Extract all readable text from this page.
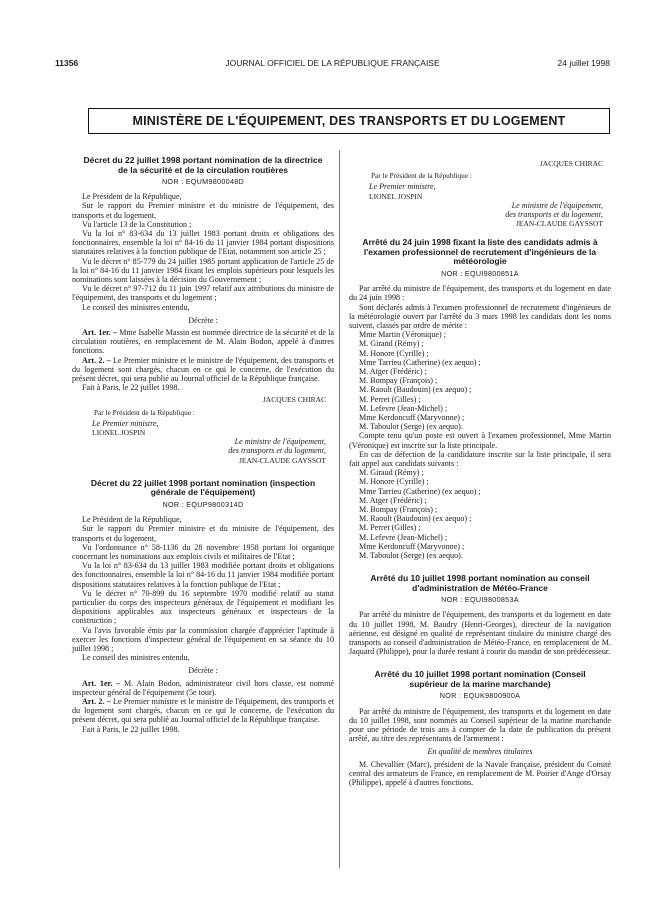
11356	JOURNAL OFFICIEL DE LA RÉPUBLIQUE FRANÇAISE	24 juillet 1998
MINISTÈRE DE L'ÉQUIPEMENT, DES TRANSPORTS ET DU LOGEMENT
Décret du 22 juillet 1998 portant nomination de la directrice de la sécurité et de la circulation routières
NOR : EQUM9800048D

Le Président de la République,

Sur le rapport du Premier ministre et du ministre de l'équipement, des transports et du logement,

Vu l'article 13 de la Constitution ;

Vu la loi n° 83-634 du 13 juillet 1983 portant droits et obligations des fonctionnaires, ensemble la loi n° 84-16 du 11 janvier 1984 portant dispositions statutaires relatives à la fonction publique de l'Etat, notamment son article 25 ;

Vu le décret n° 85-779 du 24 juillet 1985 portant application de l'article 25 de la loi n° 84-16 du 11 janvier 1984 fixant les emplois supérieurs pour lesquels les nominations sont laissées à la décision du Gouvernement ;

Vu le décret n° 97-712 du 11 juin 1997 relatif aux attributions du ministre de l'équipement, des transports et du logement ;

Le conseil des ministres entendu,

Décrète :

Art. 1er. – Mme Isabelle Massin est nommée directrice de la sécurité et de la circulation routières, en remplacement de M. Alain Bodon, appelé à d'autres fonctions.

Art. 2. – Le Premier ministre et le ministre de l'équipement, des transports et du logement sont chargés, chacun en ce qui le concerne, de l'exécution du présent décret, qui sera publié au Journal officiel de la République française.

Fait à Paris, le 22 juillet 1998.

JACQUES CHIRAC
Par le Président de la République :
Le Premier ministre,
LIONEL JOSPIN
Le ministre de l'équipement,
des transports et du logement,
JEAN-CLAUDE GAYSSOT
Décret du 22 juillet 1998 portant nomination (inspection générale de l'équipement)
NOR : EQUP9800314D

Le Président de la République,

Sur le rapport du Premier ministre et du ministre de l'équipement, des transports et du logement,

Vu l'ordonnance n° 58-1136 du 28 novembre 1958 portant loi organique concernant les nominations aux emplois civils et militaires de l'Etat ;

Vu la loi n° 83-634 du 13 juillet 1983 modifiée portant droits et obligations des fonctionnaires, ensemble la loi n° 84-16 du 11 janvier 1984 modifiée portant dispositions statutaires relatives à la fonction publique de l'Etat ;

Vu le décret n° 70-899 du 16 septembre 1970 modifié relatif au statut particulier du corps des inspecteurs généraux de l'équipement et modifiant les dispositions applicables aux inspecteurs généraux et inspecteurs de la construction ;

Vu l'avis favorable émis par la commission chargée d'apprécier l'aptitude à exercer les fonctions d'inspecteur général de l'équipement en sa séance du 10 juillet 1998 ;

Le conseil des ministres entendu,

Décrète :

Art. 1er. – M. Alain Bodon, administrateur civil hors classe, est nommé inspecteur général de l'équipement (5e tour).

Art. 2. – Le Premier ministre et le ministre de l'équipement, des transports et du logement sont chargés, chacun en ce qui le concerne, de l'exécution du présent décret, qui sera publié au Journal officiel de la République française.

Fait à Paris, le 22 juillet 1998.

JACQUES CHIRAC
Par le Président de la République :
Le Premier ministre,
LIONEL JOSPIN
Le ministre de l'équipement,
des transports et du logement,
JEAN-CLAUDE GAYSSOT
Arrêté du 24 juin 1998 fixant la liste des candidats admis à l'examen professionnel de recrutement d'ingénieurs de la météorologie
NOR : EQUI9800851A

Par arrêté du ministre de l'équipement, des transports et du logement en date du 24 juin 1998 :

Sont déclarés admis à l'examen professionnel de recrutement d'ingénieurs de la météorologie ouvert par l'arrêté du 3 mars 1998 les candidats dont les noms suivent, classés par ordre de mérite :

Mme Martin (Véronique) ;
M. Girand (Rémy) ;
M. Honore (Cyrille) ;
Mme Tarrieu (Catherine) (ex aequo) ;
M. Atger (Frédéric) ;
M. Bompay (François) ;
M. Raoult (Baudouin) (ex aequo) ;
M. Perret (Gilles) ;
M. Lefevre (Jean-Michel) ;
Mme Kerdoncuff (Maryvonne) ;
M. Taboulot (Serge) (ex aequo).

Compte tenu qu'un poste est ouvert à l'examen professionnel, Mme Martin (Véronique) est inscrite sur la liste principale.

En cas de défection de la candidature inscrite sur la liste principale, il sera fait appel aux candidats suivants :

M. Giraud (Rémy) ;
M. Honore (Cyrille) ;
Mme Tarrieu (Catherine) (ex aequo) ;
M. Atger (Frédéric) ;
M. Bompay (François) ;
M. Raoult (Baudouin) (ex aequo) ;
M. Perret (Gilles) ;
M. Lefevre (Jean-Michel) ;
Mme Kerdoncuff (Maryvonne) ;
M. Taboulot (Serge) (ex aequo).
Arrêté du 10 juillet 1998 portant nomination au conseil d'administration de Météo-France
NOR : EQUI9800853A

Par arrêté du ministre de l'équipement, des transports et du logement en date du 10 juillet 1998, M. Baudry (Henri-Georges), directeur de la navigation aérienne, est désigné en qualité de représentant titulaire du ministre chargé des transports au conseil d'administration de Météo-France, en remplacement de M. Jaquard (Philippe), pour la durée restant à courir du mandat de son prédécesseur.

Arrêté du 10 juillet 1998 portant nomination (Conseil supérieur de la marine marchande)
NOR : EQUK9800900A

Par arrêté du ministre de l'équipement, des transports et du logement en date du 10 juillet 1998, sont nommés au Conseil supérieur de la marine marchande pour une période de trois ans à compter de la date de publication du présent arrêté, au titre des représentants de l'armement :

En qualité de membres titulaires

M. Chevallier (Marc), président de la Navale française, président du Comité central des armateurs de France, en remplacement de M. Poirier d'Ange d'Orsay (Philippe), appelé à d'autres fonctions.
